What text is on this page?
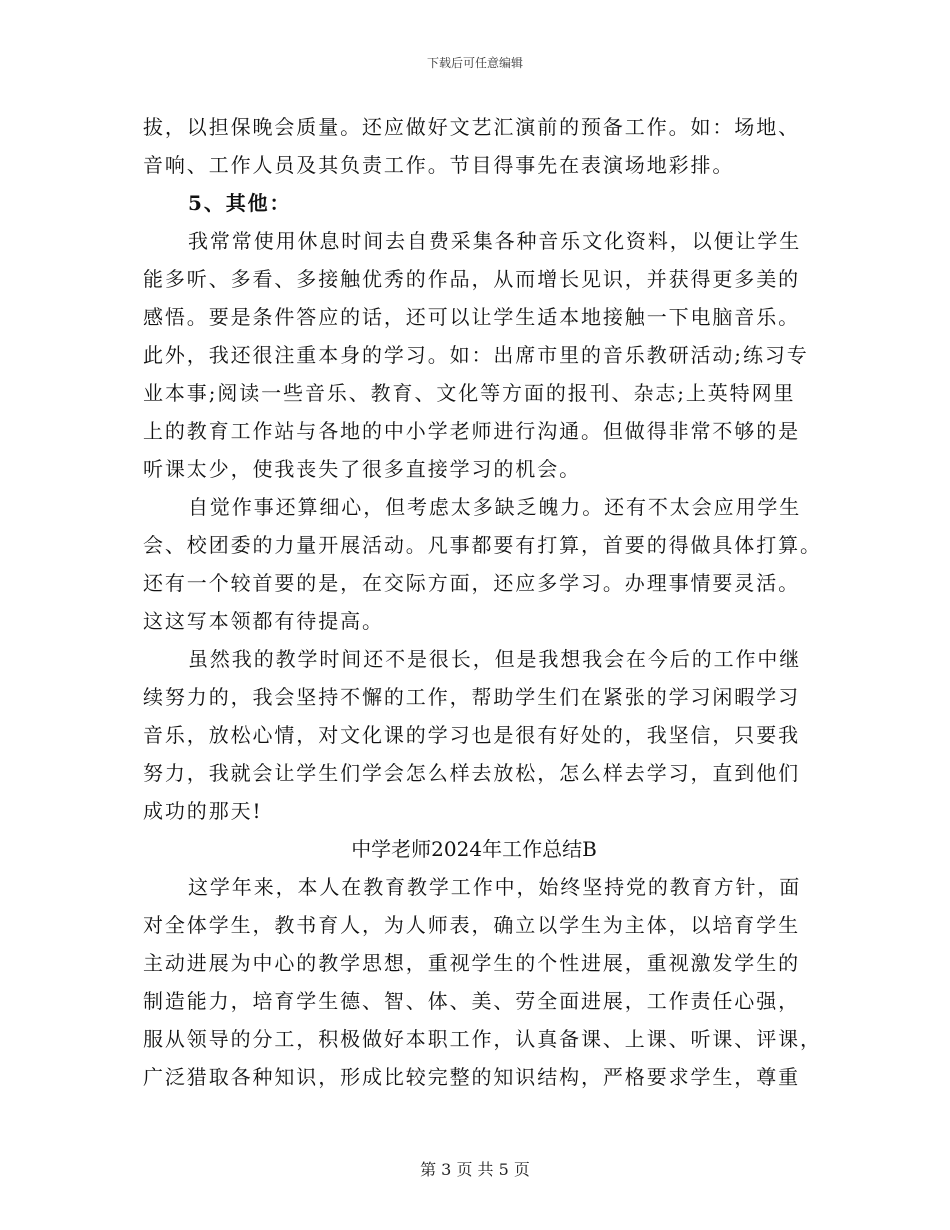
下载后可任意编辑
拔，以担保晚会质量。还应做好文艺汇演前的预备工作。如：场地、
音响、工作人员及其负责工作。节目得事先在表演场地彩排。
5、其他：
我常常使用休息时间去自费采集各种音乐文化资料，以便让学生
能多听、多看、多接触优秀的作品，从而增长见识，并获得更多美的
感悟。要是条件答应的话，还可以让学生适本地接触一下电脑音乐。
此外，我还很注重本身的学习。如：出席市里的音乐教研活动;练习专
业本事;阅读一些音乐、教育、文化等方面的报刊、杂志;上英特网里
上的教育工作站与各地的中小学老师进行沟通。但做得非常不够的是
听课太少，使我丧失了很多直接学习的机会。
自觉作事还算细心，但考虑太多缺乏魄力。还有不太会应用学生
会、校团委的力量开展活动。凡事都要有打算，首要的得做具体打算。
还有一个较首要的是，在交际方面，还应多学习。办理事情要灵活。
这这写本领都有待提高。
虽然我的教学时间还不是很长，但是我想我会在今后的工作中继
续努力的，我会坚持不懈的工作，帮助学生们在紧张的学习闲暇学习
音乐，放松心情，对文化课的学习也是很有好处的，我坚信，只要我
努力，我就会让学生们学会怎么样去放松，怎么样去学习，直到他们
成功的那天!
中学老师2024年工作总结B
这学年来，本人在教育教学工作中，始终坚持党的教育方针，面
对全体学生，教书育人，为人师表，确立以学生为主体，以培育学生
主动进展为中心的教学思想，重视学生的个性进展，重视激发学生的
制造能力，培育学生德、智、体、美、劳全面进展，工作责任心强，
服从领导的分工，积极做好本职工作，认真备课、上课、听课、评课，
广泛猎取各种知识，形成比较完整的知识结构，严格要求学生，尊重
第 3 页 共 5 页
